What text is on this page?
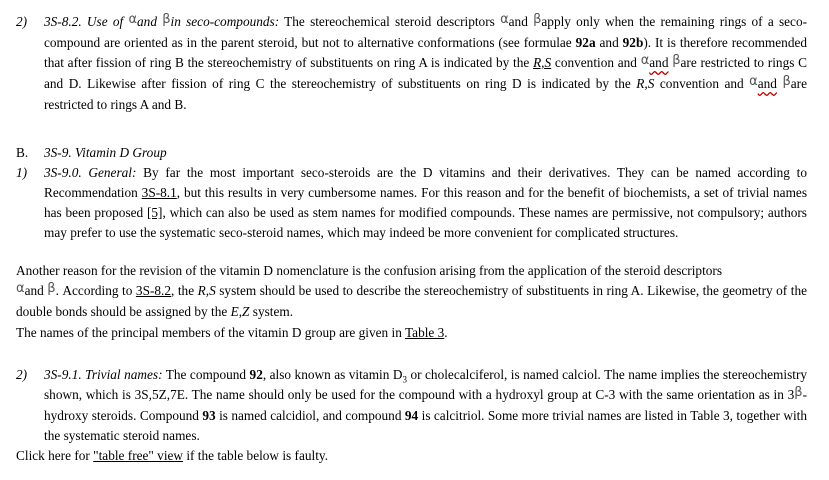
2) 3S-8.2. Use of αand βin seco-compounds: The stereochemical steroid descriptors αand βapply only when the remaining rings of a seco-compound are oriented as in the parent steroid, but not to alternative conformations (see formulae 92a and 92b). It is therefore recommended that after fission of ring B the stereochemistry of substituents on ring A is indicated by the R,S convention and αand βare restricted to rings C and D. Likewise after fission of ring C the stereochemistry of substituents on ring D is indicated by the R,S convention and αand βare restricted to rings A and B.
B. 3S-9. Vitamin D Group
1) 3S-9.0. General: By far the most important seco-steroids are the D vitamins and their derivatives. They can be named according to Recommendation 3S-8.1, but this results in very cumbersome names. For this reason and for the benefit of biochemists, a set of trivial names has been proposed [5], which can also be used as stem names for modified compounds. These names are permissive, not compulsory; authors may prefer to use the systematic seco-steroid names, which may indeed be more convenient for complicated structures.
Another reason for the revision of the vitamin D nomenclature is the confusion arising from the application of the steroid descriptors
αand β. According to 3S-8.2, the R,S system should be used to describe the stereochemistry of substituents in ring A. Likewise, the geometry of the double bonds should be assigned by the E,Z system.
The names of the principal members of the vitamin D group are given in Table 3.
2) 3S-9.1. Trivial names: The compound 92, also known as vitamin $D_3$ or cholecalciferol, is named calciol. The name implies the stereochemistry shown, which is 3S,5Z,7E. The name should only be used for the compound with a hydroxyl group at C-3 with the same orientation as in 3β-hydroxy steroids. Compound 93 is named calcidiol, and compound 94 is calcitriol. Some more trivial names are listed in Table 3, together with the systematic steroid names.
Click here for "table free" view if the table below is faulty.
